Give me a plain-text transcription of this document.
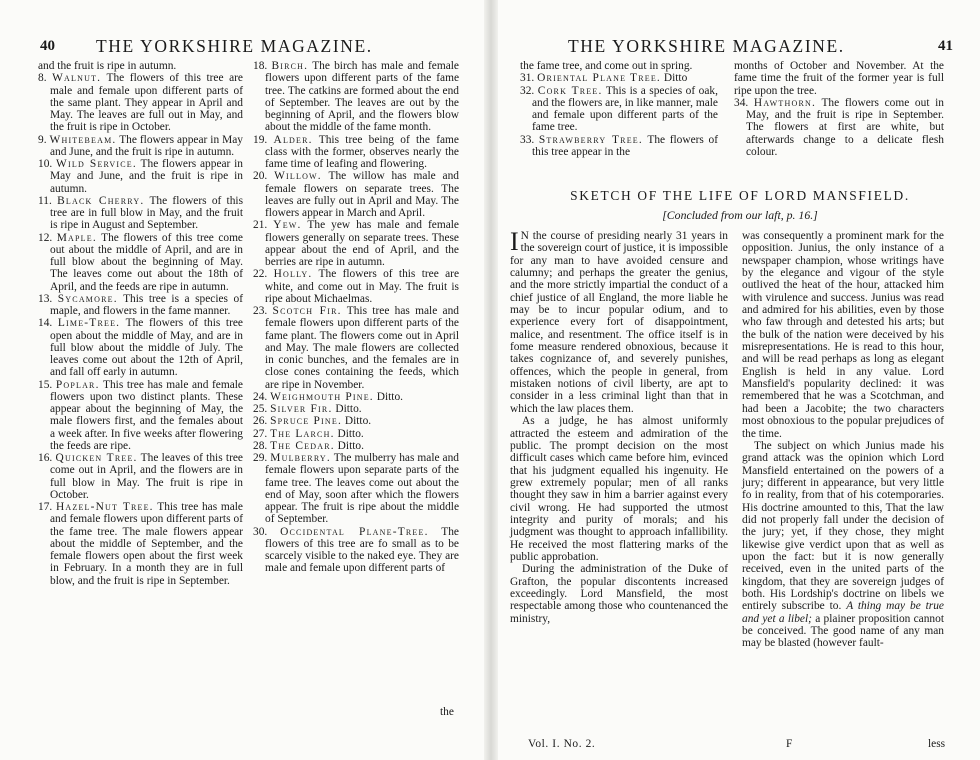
40 THE YORKSHIRE MAGAZINE.
and the fruit is ripe in autumn.
8. Walnut. The flowers of this tree are male and female upon different parts of the same plant. They appear in April and May. The leaves are full out in May, and the fruit is ripe in October.
9. Whitebeam. The flowers appear in May and June, and the fruit is ripe in autumn.
10. Wild Service. The flowers appear in May and June, and the fruit is ripe in autumn.
11. Black Cherry. The flowers of this tree are in full blow in May, and the fruit is ripe in August and September.
12. Maple. The flowers of this tree come out about the middle of April, and are in full blow about the beginning of May. The leaves come out about the 18th of April, and the feeds are ripe in autumn.
13. Sycamore. This tree is a species of maple, and flowers in the fame manner.
14. Lime-Tree. The flowers of this tree open about the middle of May, and are in full blow about the middle of July. The leaves come out about the 12th of April, and fall off early in autumn.
15. Poplar. This tree has male and female flowers upon two distinct plants. These appear about the beginning of May, the male flowers first, and the females about a week after. In five weeks after flowering the feeds are ripe.
16. Quicken Tree. The leaves of this tree come out in April, and the flowers are in full blow in May. The fruit is ripe in October.
17. Hazel-Nut Tree. This tree has male and female flowers upon different parts of the fame tree. The male flowers appear about the middle of September, and the female flowers open about the first week in February. In a month they are in full blow, and the fruit is ripe in September.
18. Birch. The birch has male and female flowers upon different parts of the fame tree. The catkins are formed about the end of September. The leaves are out by the beginning of April, and the flowers blow about the middle of the fame month.
19. Alder. This tree being of the fame class with the former, observes nearly the fame time of leafing and flowering.
20. Willow. The willow has male and female flowers on separate trees. The leaves are fully out in April and May. The flowers appear in March and April.
21. Yew. The yew has male and female flowers generally on separate trees. These appear about the end of April, and the berries are ripe in autumn.
22. Holly. The flowers of this tree are white, and come out in May. The fruit is ripe about Michaelmas.
23. Scotch Fir. This tree has male and female flowers upon different parts of the fame plant. The flowers come out in April and May. The male flowers are collected in conic bunches, and the females are in close cones containing the feeds, which are ripe in November.
24. Weighmouth Pine. Ditto.
25. Silver Fir. Ditto.
26. Spruce Pine. Ditto.
27. The Larch. Ditto.
28. The Cedar. Ditto.
29. Mulberry. The mulberry has male and female flowers upon separate parts of the fame tree. The leaves come out about the end of May, soon after which the flowers appear. The fruit is ripe about the middle of September.
30. Occidental Plane-Tree. The flowers of this tree are fo small as to be scarcely visible to the naked eye. They are male and female upon different parts of
the
THE YORKSHIRE MAGAZINE.	41
the fame tree, and come out in spring.
31. Oriental Plane Tree. Ditto
32. Cork Tree. This is a species of oak, and the flowers are, in like manner, male and female upon different parts of the fame tree.
33. Strawberry Tree. The flowers of this tree appear in the
months of October and November. At the fame time the fruit of the former year is full ripe upon the tree.
34. Hawthorn. The flowers come out in May, and the fruit is ripe in September. The flowers at first are white, but afterwards change to a delicate flesh colour.
SKETCH OF THE LIFE OF LORD MANSFIELD.
[Concluded from our laft, p. 16.]

I N the course of presiding nearly 31 years in the sovereign court of justice, it is impossible for any man to have avoided censure and calumny; and perhaps the greater the genius, and the more strictly impartial the conduct of a chief justice of all England, the more liable he may be to incur popular odium, and to experience every fort of disappointment, malice, and resentment. The office itself is in fome measure rendered obnoxious, because it takes cognizance of, and severely punishes, offences, which the people in general, from mistaken notions of civil liberty, are apt to consider in a less criminal light than that in which the law places them.

As a judge, he has almost uniformly attracted the esteem and admiration of the public. The prompt decision on the most difficult cases which came before him, evinced that his judgment equalled his ingenuity. He grew extremely popular; men of all ranks thought they saw in him a barrier against every civil wrong. He had supported the utmost integrity and purity of morals; and his judgment was thought to approach infallibility. He received the most flattering marks of the public approbation.

During the administration of the Duke of Grafton, the popular discontents increased exceedingly. Lord Mansfield, the most respectable among those who countenanced the ministry,

was consequently a prominent mark for the opposition. Junius, the only instance of a newspaper champion, whose writings have by the elegance and vigour of the style outlived the heat of the hour, attacked him with virulence and success. Junius was read and admired for his abilities, even by those who faw through and detested his arts; but the bulk of the nation were deceived by his misrepresentations. He is read to this hour, and will be read perhaps as long as elegant English is held in any value. Lord Mansfield's popularity declined: it was remembered that he was a Scotchman, and had been a Jacobite; the two characters most obnoxious to the popular prejudices of the time.

The subject on which Junius made his grand attack was the opinion which Lord Mansfield entertained on the powers of a jury; different in appearance, but very little fo in reality, from that of his cotemporaries. His doctrine amounted to this, That the law did not properly fall under the decision of the jury; yet, if they chose, they might likewise give verdict upon that as well as upon the fact: but it is now generally received, even in the united parts of the kingdom, that they are sovereign judges of both. His Lordship's doctrine on libels we entirely subscribe to. A thing may be true and yet a libel; a plainer proposition cannot be conceived. The good name of any man may be blasted (however fault-

Vol. I. No. 2.	F	less
